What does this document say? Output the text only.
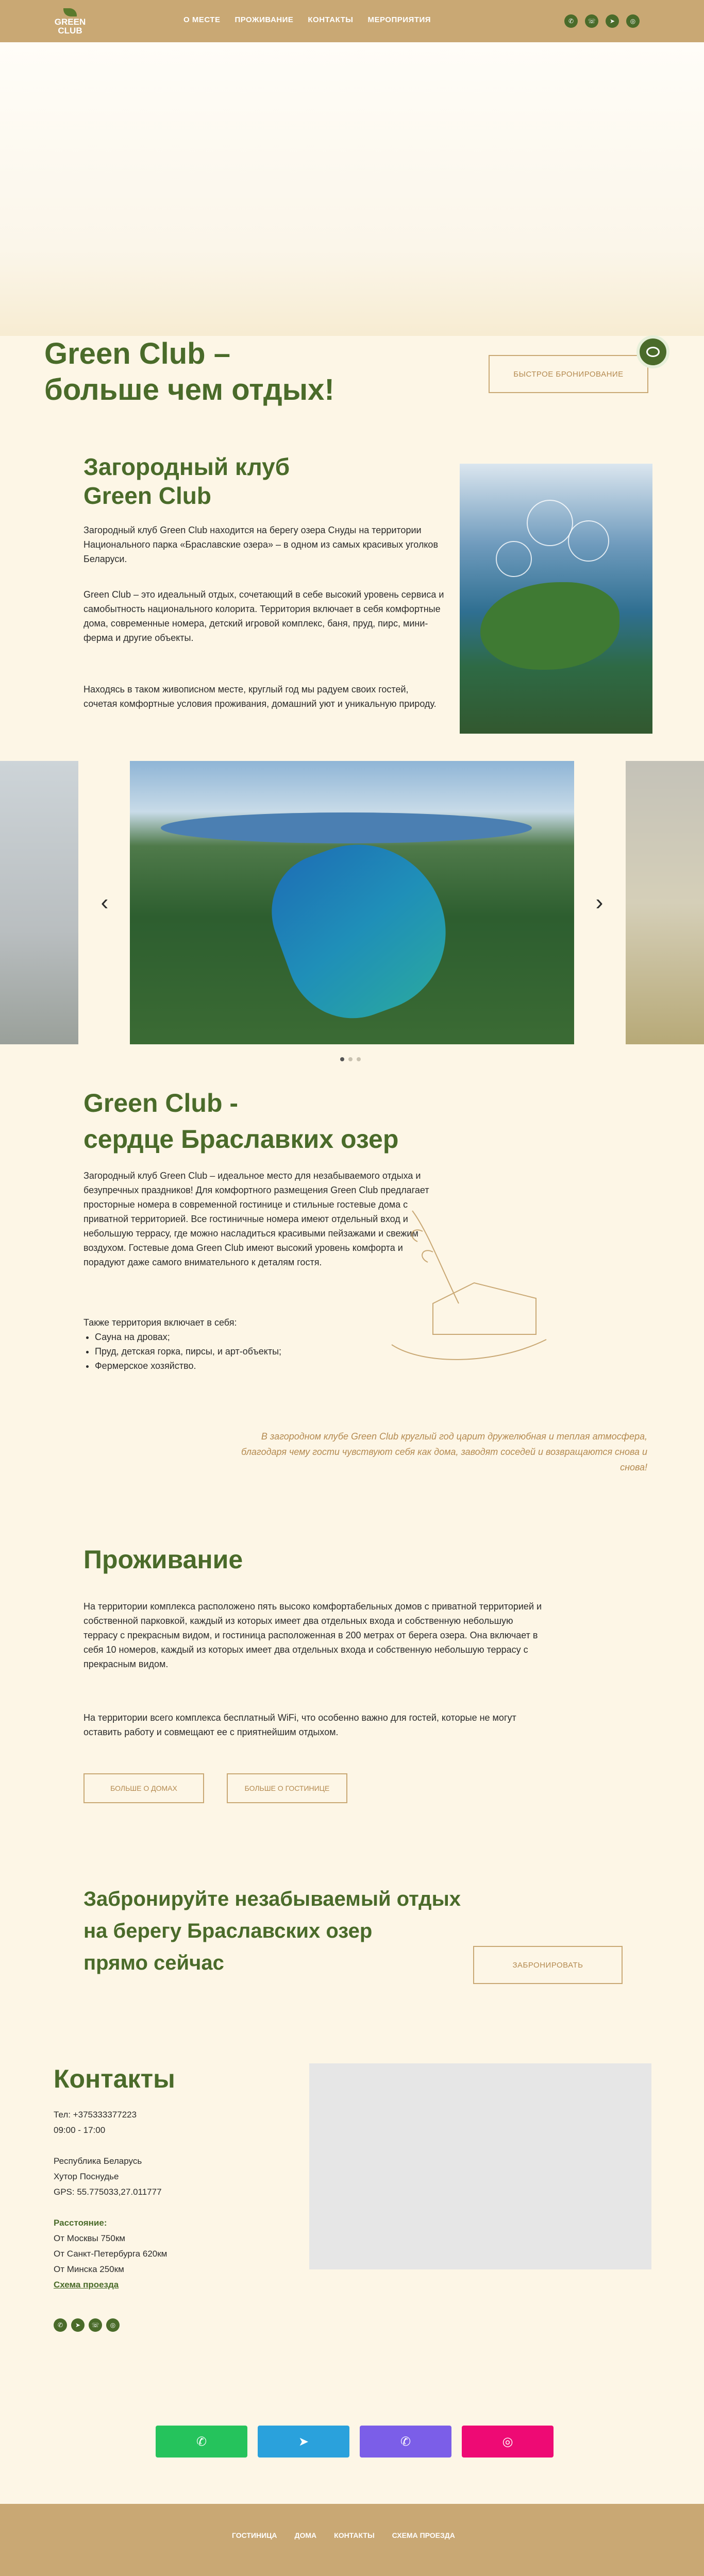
GREEN
CLUB
О МЕСТЕ ПРОЖИВАНИЕ КОНТАКТЫ МЕРОПРИЯТИЯ	✆	☏	➤	◎
Green Club –
больше чем отдых!	БЫСТРОЕ БРОНИРОВАНИЕ
Загородный клуб
Green Club
Загородный клуб Green Club находится на берегу озера Снуды на территории Национального парка «Браславские озера» – в одном из самых красивых уголков Беларуси.
Green Club – это идеальный отдых, сочетающий в себе высокий уровень сервиса и самобытность национального колорита. Территория включает в себя комфортные дома, современные номера, детский игровой комплекс, баня, пруд, пирс, мини-ферма и другие объекты.
Находясь в таком живописном месте, круглый год мы радуем своих гостей, сочетая комфортные условия проживания, домашний уют и уникальную природу.
‹	›
Green Club -
сердце Браславких озер
Загородный клуб Green Club – идеальное место для незабываемого отдыха и безупречных праздников! Для комфортного размещения Green Club предлагает просторные номера в современной гостинице и стильные гостевые дома с приватной территорией. Все гостиничные номера имеют отдельный вход и небольшую террасу, где можно насладиться красивыми пейзажами и свежим воздухом. Гостевые дома Green Club имеют высокий уровень комфорта и порадуют даже самого внимательного к деталям гостя.
Также территория включает в себя:
• Сауна на дровах;
• Пруд, детская горка, пирсы, и арт-объекты;
• Фермерское хозяйство.
В загородном клубе Green Club круглый год царит дружелюбная и теплая атмосфера, благодаря чему гости чувствуют себя как дома, заводят соседей и возвращаются снова и снова!
Проживание
На территории комплекса расположено пять высоко комфортабельных домов с приватной территорией и собственной парковкой, каждый из которых имеет два отдельных входа и собственную небольшую террасу с прекрасным видом, и гостиница расположенная в 200 метрах от берега озера. Она включает в себя 10 номеров, каждый из которых имеет два отдельных входа и собственную небольшую террасу с прекрасным видом.
На территории всего комплекса бесплатный WiFi, что особенно важно для гостей, которые не могут оставить работу и совмещают ее с приятнейшим отдыхом.
БОЛЬШЕ О ДОМАХ	БОЛЬШЕ О ГОСТИНИЦЕ
Забронируйте незабываемый отдых
на берегу Браславских озер
прямо сейчас	ЗАБРОНИРОВАТЬ
Контакты
Тел: +375333377223
09:00 - 17:00
Республика Беларусь
Хутор Поснудье
GPS: 55.775033,27.011777
Расстояние:
От Москвы 750км
От Санкт-Петербурга 620км
От Минска 250км
Схема проезда
✆	➤	☏	◎
✆	➤	✆	◎
ГОСТИНИЦА ДОМА КОНТАКТЫ СХЕМА ПРОЕЗДА
